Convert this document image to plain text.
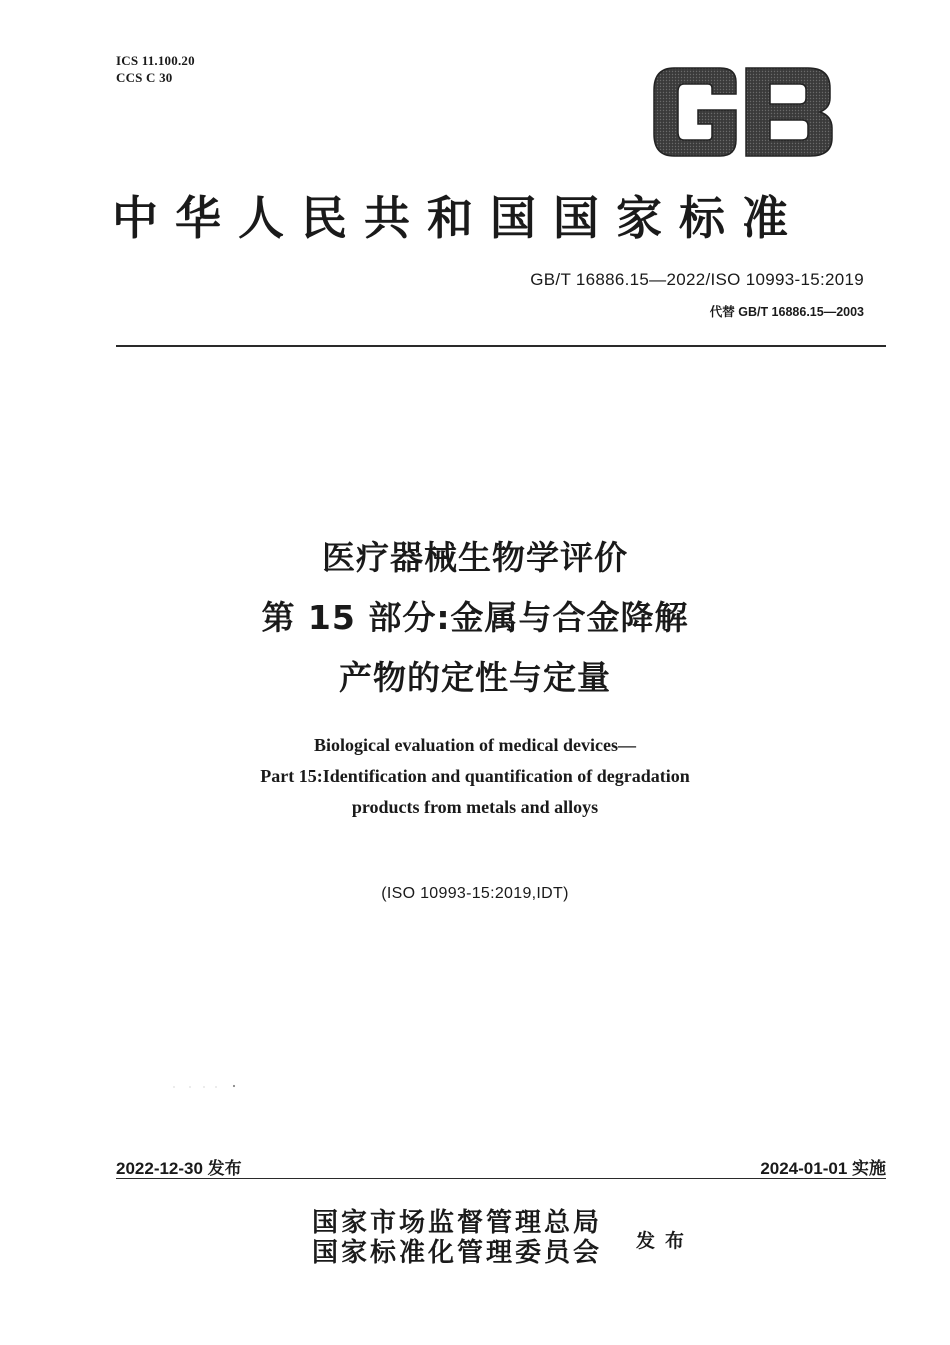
ICS 11.100.20
CCS C 30
中华人民共和国国家标准
GB/T 16886.15—2022/ISO 10993-15:2019
代替 GB/T 16886.15—2003
医疗器械生物学评价
第 15 部分:金属与合金降解
产物的定性与定量
Biological evaluation of medical devices—
Part 15:Identification and quantification of degradation
products from metals and alloys
(ISO 10993-15:2019,IDT)
2022-12-30 发布	2024-01-01 实施
国家市场监督管理总局
国家标准化管理委员会 发布
